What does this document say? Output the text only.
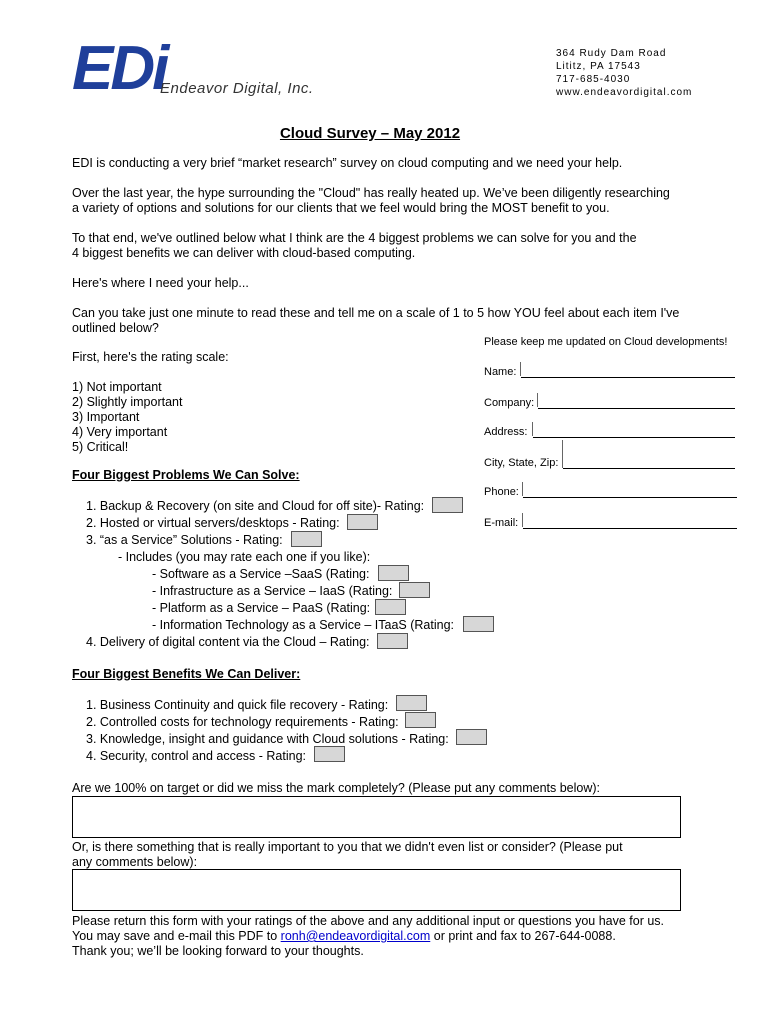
EDi
Endeavor Digital, Inc.
364 Rudy Dam Road
Lititz, PA 17543
717-685-4030
www.endeavordigital.com
Cloud Survey – May 2012
EDI is conducting a very brief “market research” survey on cloud computing and we need your help.
Over the last year, the hype surrounding the "Cloud" has really heated up. We’ve been diligently researching
a variety of options and solutions for our clients that we feel would bring the MOST benefit to you.
To that end, we've outlined below what I think are the 4 biggest problems we can solve for you and the
4 biggest benefits we can deliver with cloud-based computing.
Here's where I need your help...
Can you take just one minute to read these and tell me on a scale of 1 to 5 how YOU feel about each item I've
outlined below?
First, here's the rating scale:
1) Not important
2) Slightly important
3) Important
4) Very important
5) Critical!
Please keep me updated on Cloud developments!
Name:
Company:
Address:
City, State, Zip:
Phone:
E-mail:
Four Biggest Problems We Can Solve:
1. Backup & Recovery (on site and Cloud for off site)- Rating:
2. Hosted or virtual servers/desktops - Rating:
3. “as a Service” Solutions - Rating:
- Includes (you may rate each one if you like):
- Software as a Service –SaaS (Rating:
- Infrastructure as a Service – IaaS (Rating:
- Platform as a Service – PaaS (Rating:
- Information Technology as a Service – ITaaS (Rating:
4. Delivery of digital content via the Cloud – Rating:
Four Biggest Benefits We Can Deliver:
1. Business Continuity and quick file recovery - Rating:
2. Controlled costs for technology requirements - Rating:
3. Knowledge, insight and guidance with Cloud solutions - Rating:
4. Security, control and access - Rating:
Are we 100% on target or did we miss the mark completely? (Please put any comments below):
Or, is there something that is really important to you that we didn't even list or consider? (Please put
any comments below):
Please return this form with your ratings of the above and any additional input or questions you have for us.
You may save and e-mail this PDF to ronh@endeavordigital.com or print and fax to 267-644-0088.
Thank you; we’ll be looking forward to your thoughts.
